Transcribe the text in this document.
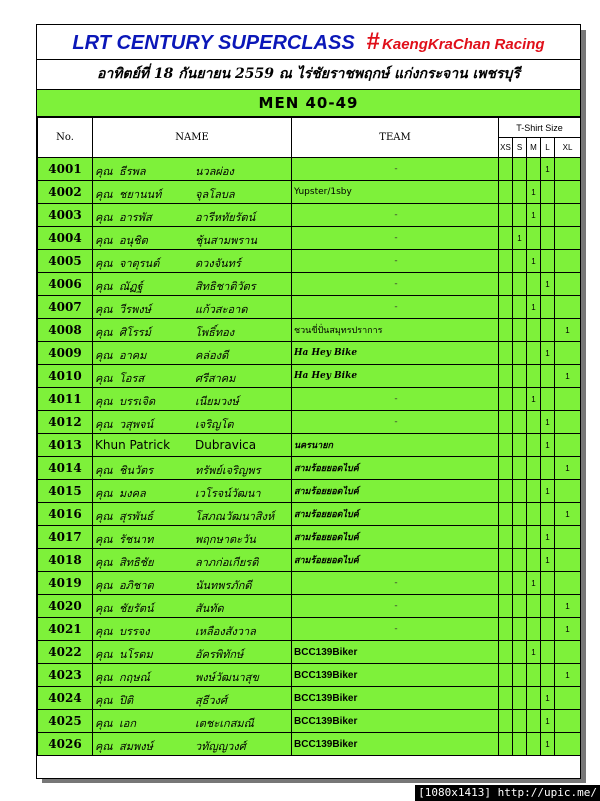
LRT CENTURY SUPERCLASS # KaengKraChan Racing
อาทิตย์ที่ 18 กันยายน 2559 ณ ไร่ชัยราชพฤกษ์ แก่งกระจาน เพชรบุรี
MEN 40-49
No.	NAME	TEAM	T-Shirt Size				
			XS	S	M	L	XL
4001	คุณ ธีรพล นวลผ่อง	-				1	
4002	คุณ ชยานนท์ จุลโลบล	Yupster/1sby			1		
4003	คุณ อารพัส อารีหทัยรัตน์	-			1		
4004	คุณ อนุชิต ชุ้นสามพราน	-		1			
4005	คุณ จาตุรนต์ ดวงจันทร์	-			1		
4006	คุณ ณัฏฐ์ สิทธิชาติวัตร	-				1	
4007	คุณ วีรพงษ์ แก้วสะอาด	-			1		
4008	คุณ ศิโรรม์ โพธิ์ทอง	ชวนขี่ปั่นสมุทรปราการ					1
4009	คุณ อาคม คล่องดี	Ha Hey Bike				1	
4010	คุณ โอรส ศรีสาคม	Ha Hey Bike					1
4011	คุณ บรรเจิด เนียมวงษ์	-			1		
4012	คุณ วสุพจน์ เจริญโต	-				1	
4013	Khun Patrick Dubravica	นครนายก				1	
4014	คุณ ชินวัตร ทรัพย์เจริญพร	สามร้อยยอดไบค์					1
4015	คุณ มงคล เวโรจน์วัฒนา	สามร้อยยอดไบค์				1	
4016	คุณ สุรพันธ์ โสภณวัฒนาสิงห์	สามร้อยยอดไบค์					1
4017	คุณ รัชนาท พฤกษาตะวัน	สามร้อยยอดไบค์				1	
4018	คุณ สิทธิชัย ลาภก่อเกียรติ	สามร้อยยอดไบค์				1	
4019	คุณ อภิชาต นันทพรภักดี	-			1		
4020	คุณ ชัยรัตน์ สันทัด	-					1
4021	คุณ บรรจง เหลืองสังวาล	-					1
4022	คุณ นโรดม อัครพิทักษ์	BCC139Biker			1		
4023	คุณ กฤษณ์ พงษ์วัฒนาสุข	BCC139Biker					1
4024	คุณ ปิติ สุธีวงศ์	BCC139Biker				1	
4025	คุณ เอก เตชะเกสมณี	BCC139Biker				1	
4026	คุณ สมพงษ์ วทัญญวงศ์	BCC139Biker				1	
[1080x1413] http://upic.me/
